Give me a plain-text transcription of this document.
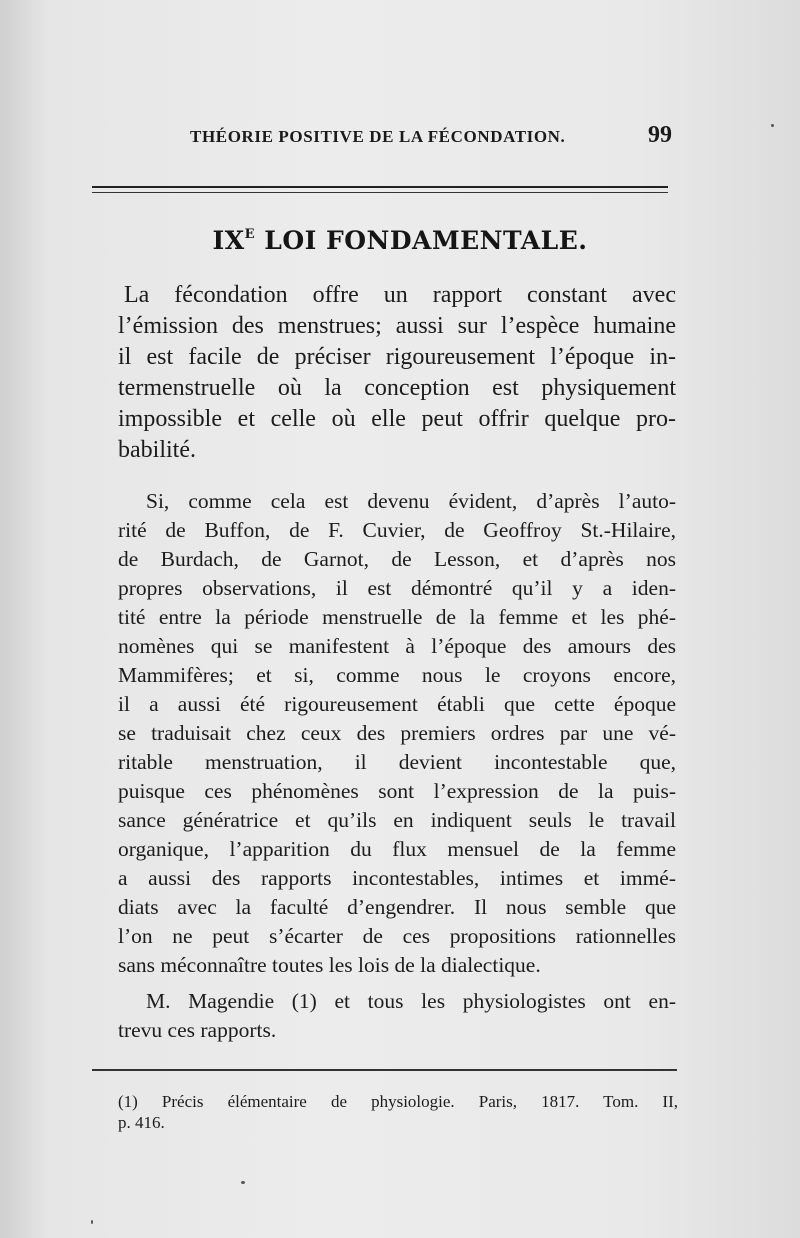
THÉORIE POSITIVE DE LA FÉCONDATION.	99
$IX^E$ LOI FONDAMENTALE.
La fécondation offre un rapport constant avec
l’émission des menstrues; aussi sur l’espèce humaine
il est facile de préciser rigoureusement l’époque in-
termenstruelle où la conception est physiquement
impossible et celle où elle peut offrir quelque pro-
babilité.
Si, comme cela est devenu évident, d’après l’auto-
rité de Buffon, de F. Cuvier, de Geoffroy St.-Hilaire,
de Burdach, de Garnot, de Lesson, et d’après nos
propres observations, il est démontré qu’il y a iden-
tité entre la période menstruelle de la femme et les phé-
nomènes qui se manifestent à l’époque des amours des
Mammifères; et si, comme nous le croyons encore,
il a aussi été rigoureusement établi que cette époque
se traduisait chez ceux des premiers ordres par une vé-
ritable menstruation, il devient incontestable que,
puisque ces phénomènes sont l’expression de la puis-
sance génératrice et qu’ils en indiquent seuls le travail
organique, l’apparition du flux mensuel de la femme
a aussi des rapports incontestables, intimes et immé-
diats avec la faculté d’engendrer. Il nous semble que
l’on ne peut s’écarter de ces propositions rationnelles
sans méconnaître toutes les lois de la dialectique.
M. Magendie (1) et tous les physiologistes ont en-
trevu ces rapports.
(1) Précis élémentaire de physiologie. Paris, 1817. Tom. II,
p. 416.
